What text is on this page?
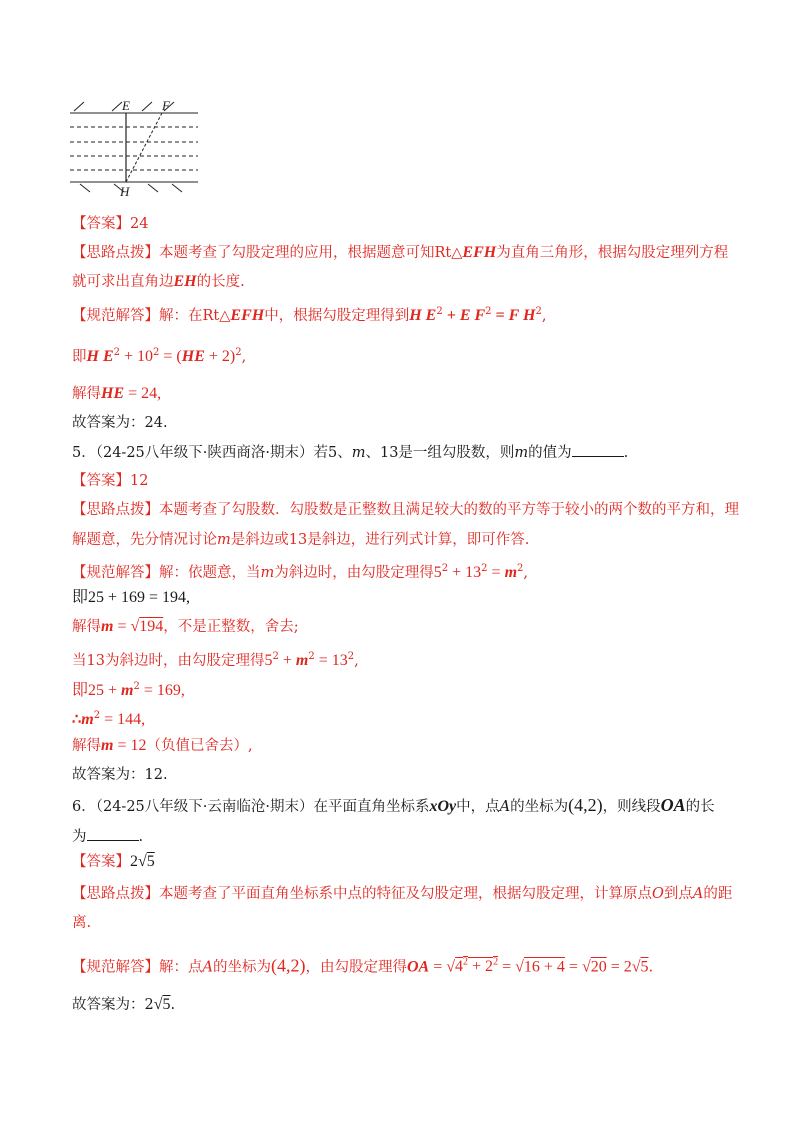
E F
H
【答案】24
【思路点拨】本题考查了勾股定理的应用，根据题意可知Rt△EFH为直角三角形，根据勾股定理列方程
就可求出直角边EH的长度.
【规范解答】解：在Rt△EFH中，根据勾股定理得到H $E^2 + E$ $F^2 = F$ $H^2$,
即H $E^2 + 10^2 = (HE + 2)^2$,
解得HE = 24,
故答案为：24.
5．（24-25八年级下·陕西商洛·期末）若5、m、13是一组勾股数，则m的值为	.
【答案】12
【思路点拨】本题考查了勾股数．勾股数是正整数且满足较大的数的平方等于较小的两个数的平方和，理
解题意，先分情况讨论m是斜边或13是斜边，进行列式计算，即可作答.
【规范解答】解：依题意，当m为斜边时，由勾股定理得$5^2 + 13^2 = m^2$,
即25 + 169 = 194,
解得m = √194，不是正整数，舍去;
当13为斜边时，由勾股定理得$5^2 + m^2 = 13^2$,
即$25 + m^2 = 169$,
$\therefore m^2 = 144$,
解得m = 12（负值已舍去）,
故答案为：12.
6．（24-25八年级下·云南临沧·期末）在平面直角坐标系xOy中，点A的坐标为(4,2)，则线段OA的长
为	.
【答案】2√5
【思路点拨】本题考查了平面直角坐标系中点的特征及勾股定理，根据勾股定理，计算原点O到点A的距
离.
【规范解答】解：点A的坐标为(4,2)，由勾股定理得OA = $√4^2 + 2^2 = √16 + 4 = √20 = 2√5$.
故答案为：2√5.
